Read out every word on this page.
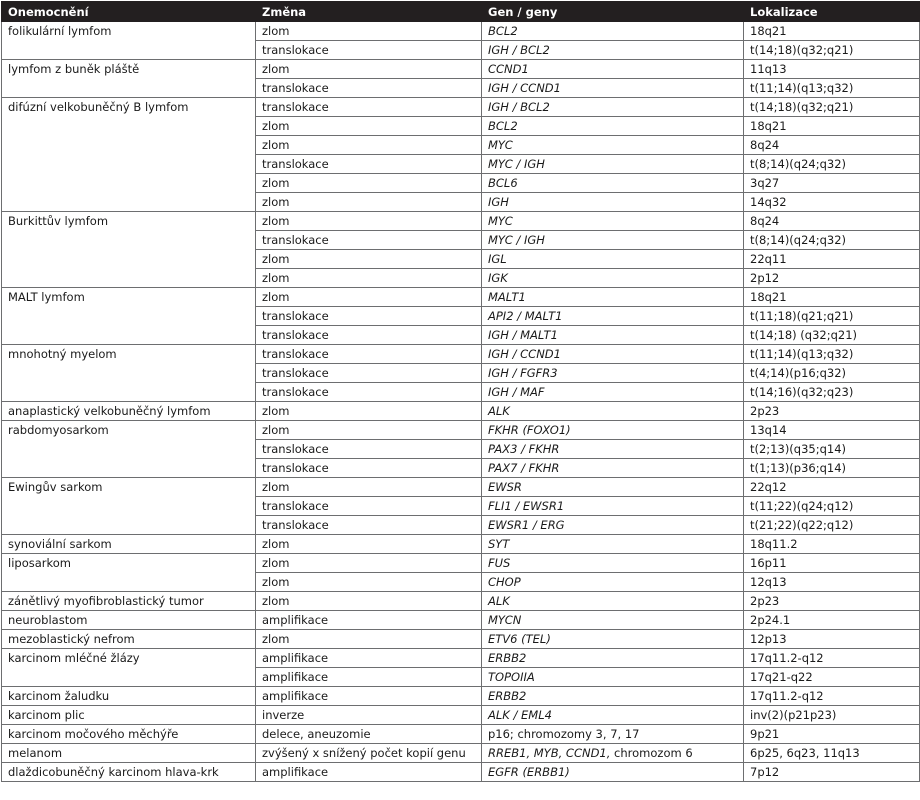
Onemocnění	Změna	Gen / geny	Lokalizace
folikulární lymfom	zlom	BCL2	18q21
	translokace	IGH / BCL2	t(14;18)(q32;q21)
lymfom z buněk pláště	zlom	CCND1	11q13
	translokace	IGH / CCND1	t(11;14)(q13;q32)
difúzní velkobuněčný B lymfom	translokace	IGH / BCL2	t(14;18)(q32;q21)
	zlom	BCL2	18q21
	zlom	MYC	8q24
	translokace	MYC / IGH	t(8;14)(q24;q32)
	zlom	BCL6	3q27
	zlom	IGH	14q32
Burkittův lymfom	zlom	MYC	8q24
	translokace	MYC / IGH	t(8;14)(q24;q32)
	zlom	IGL	22q11
	zlom	IGK	2p12
MALT lymfom	zlom	MALT1	18q21
	translokace	API2 / MALT1	t(11;18)(q21;q21)
	translokace	IGH / MALT1	t(14;18) (q32;q21)
mnohotný myelom	translokace	IGH / CCND1	t(11;14)(q13;q32)
	translokace	IGH / FGFR3	t(4;14)(p16;q32)
	translokace	IGH / MAF	t(14;16)(q32;q23)
anaplastický velkobuněčný lymfom	zlom	ALK	2p23
rabdomyosarkom	zlom	FKHR (FOXO1)	13q14
	translokace	PAX3 / FKHR	t(2;13)(q35;q14)
	translokace	PAX7 / FKHR	t(1;13)(p36;q14)
Ewingův sarkom	zlom	EWSR	22q12
	translokace	FLI1 / EWSR1	t(11;22)(q24;q12)
	translokace	EWSR1 / ERG	t(21;22)(q22;q12)
synoviální sarkom	zlom	SYT	18q11.2
liposarkom	zlom	FUS	16p11
	zlom	CHOP	12q13
zánětlivý myofibroblastický tumor	zlom	ALK	2p23
neuroblastom	amplifikace	MYCN	2p24.1
mezoblastický nefrom	zlom	ETV6 (TEL)	12p13
karcinom mléčné žlázy	amplifikace	ERBB2	17q11.2-q12
	amplifikace	TOPOIIA	17q21-q22
karcinom žaludku	amplifikace	ERBB2	17q11.2-q12
karcinom plic	inverze	ALK / EML4	inv(2)(p21p23)
karcinom močového měchýře	delece, aneuzomie	p16; chromozomy 3, 7, 17	9p21
melanom	zvýšený x snížený počet kopií genu	RREB1, MYB, CCND1, chromozom 6	6p25, 6q23, 11q13
dlaždicobuněčný karcinom hlava-krk	amplifikace	EGFR (ERBB1)	7p12
